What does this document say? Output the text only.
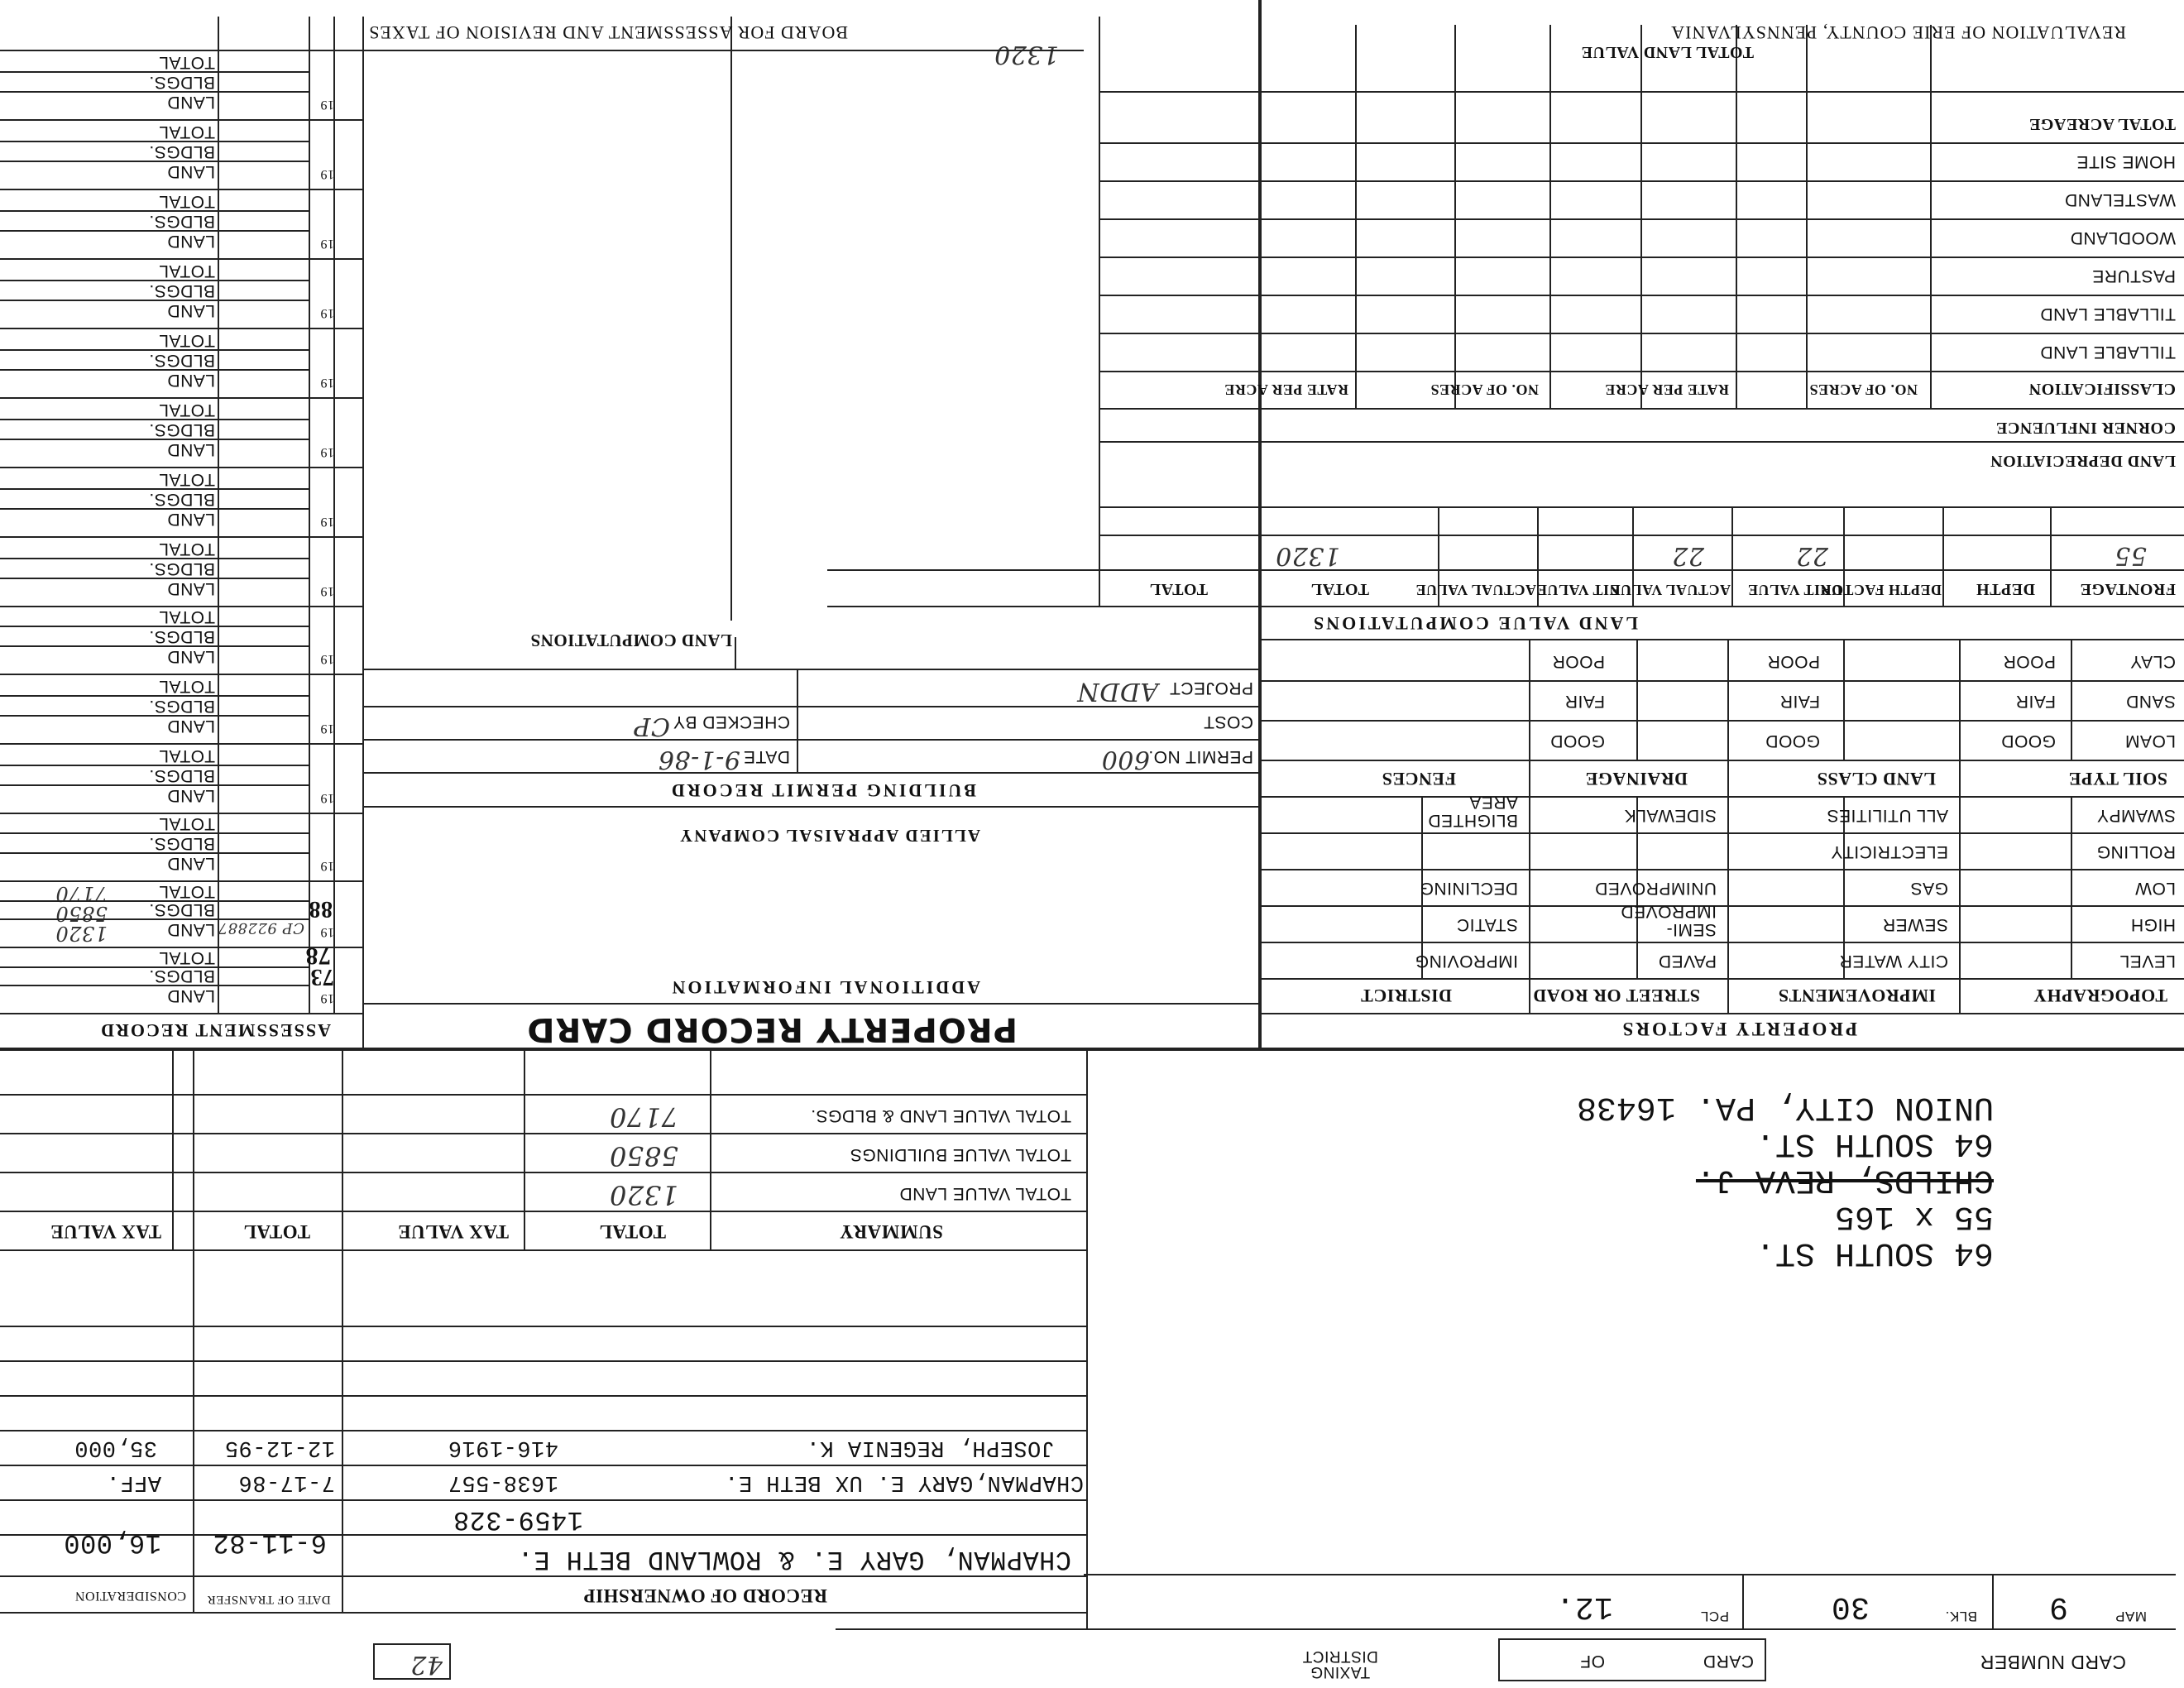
CARD NUMBER
CARD
OF
TAXING DISTRICT
42
MAP
9
BLK.
30
PCL
12.
64 SOUTH ST.
55 x 165
CHILDS, REVA J.
64 SOUTH ST.
UNION CITY, PA. 16438
RECORD OF OWNERSHIP
DATE OF TRANSFER
CONSIDERATION
CHAPMAN, GARY E. & ROWLAND BETH E.
1459-328
6-11-82
16,000
CHAPMAN,GARY E. UX BETH E.
1638-557
7-17-86
AFF.
JOSEPH, REGENIA K.
416-1916
12-12-95
35,000
SUMMARY
TOTAL
TAX VALUE
TOTAL
TAX VALUE
TOTAL VALUE LAND
1320
TOTAL VALUE BUILDINGS
5850
TOTAL VALUE LAND & BLDGS.
7170
PROPERTY FACTORS
TOPOGRAPHY
IMPROVEMENTS
STREET OR ROAD
DISTRICT
LEVEL
HIGH
LOW
ROLLING
SWAMPY
CITY WATER
SEWER
GAS
ELECTRICITY
ALL UTILITIES
PAVED
SEMI-IMPROVED
UNIMPROVED
SIDEWALK
IMPROVING
STATIC
DECLINING
BLIGHTED AREA
SOIL TYPE
LAND CLASS
DRAINAGE
FENCES
LOAM
SAND
CLAY
GOOD
FAIR
POOR
GOOD
FAIR
POOR
GOOD
FAIR
POOR
LAND VALUE COMPUTATIONS
FRONTAGE
DEPTH
DEPTH FACTOR
UNIT VALUE
ACTUAL VALUE
UNIT VALUE
ACTUAL VALUE
TOTAL
TOTAL
55
22
22
1320
LAND DEPRECIATION
CORNER INFLUENCE
CLASSIFICATION
NO. OF ACRES
RATE PER ACRE
NO. OF ACRES
RATE PER ACRE
TILLABLE LAND
TILLABLE LAND
PASTURE
WOODLAND
WASTELAND
HOME SITE
TOTAL ACREAGE
TOTAL LAND VALUE
1320
PROPERTY RECORD CARD
ADDITIONAL INFORMATION
ALLIED APPRAISAL COMPANY
BUILDING PERMIT RECORD
PERMIT NO.
600
DATE
9-1-86
COST
CHECKED BY
CP
PROJECT
ADDN
LAND COMPUTATIONS
ASSESSMENT RECORD
78
19
73
LAND
BLDGS.
TOTAL
19
88
CP 922887
LAND
BLDGS.
TOTAL
1320
5850
7170
19
LAND
BLDGS.
TOTAL
19
LAND
BLDGS.
TOTAL
19
LAND
BLDGS.
TOTAL
19
LAND
BLDGS.
TOTAL
19
LAND
BLDGS.
TOTAL
19
LAND
BLDGS.
TOTAL
19
LAND
BLDGS.
TOTAL
19
LAND
BLDGS.
TOTAL
19
LAND
BLDGS.
TOTAL
19
LAND
BLDGS.
TOTAL
19
LAND
BLDGS.
TOTAL
19
LAND
BLDGS.
TOTAL
REVALUATION OF ERIE COUNTY, PENNSYLVANIA
BOARD FOR ASSESSMENT AND REVISION OF TAXES
